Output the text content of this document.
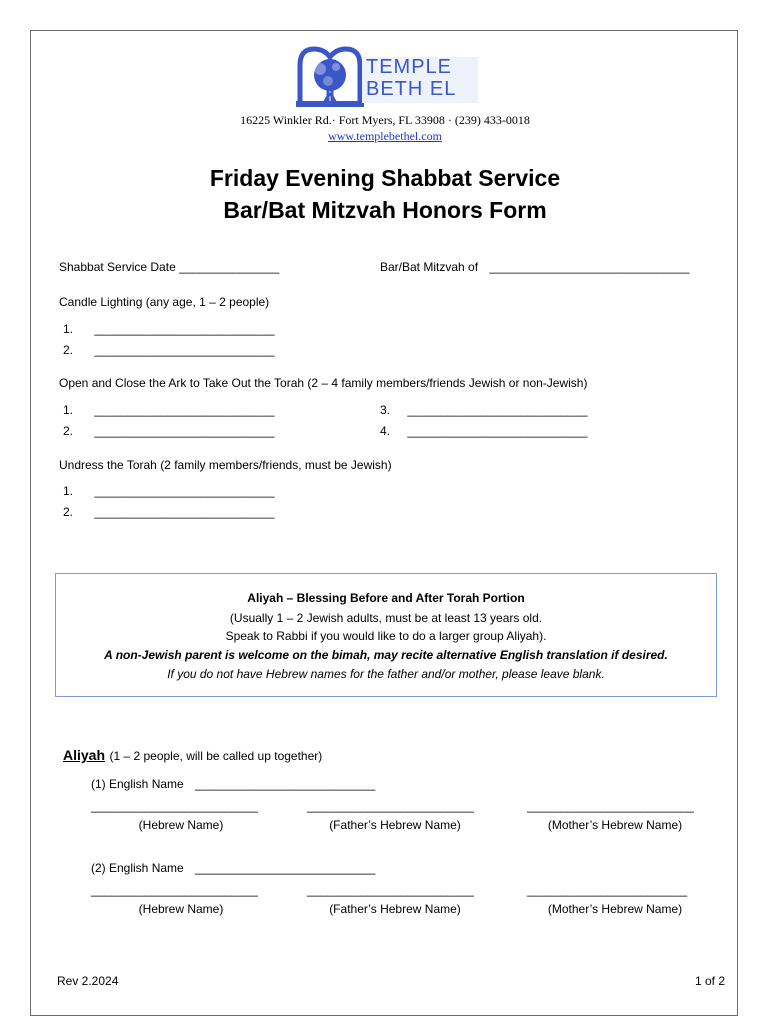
TEMPLE
BETH EL
16225 Winkler Rd.· Fort Myers, FL 33908 · (239) 433-0018
www.templebethel.com
Friday Evening Shabbat Service
Bar/Bat Mitzvah Honors Form
Shabbat Service Date _______________	Bar/Bat Mitzvah of ______________________________
Candle Lighting (any age, 1 – 2 people)
1. ___________________________
2. ___________________________
Open and Close the Ark to Take Out the Torah (2 – 4 family members/friends Jewish or non-Jewish)
1. ___________________________
2. ___________________________
3. ___________________________
4. ___________________________
Undress the Torah (2 family members/friends, must be Jewish)
1. ___________________________
2. ___________________________
Aliyah – Blessing Before and After Torah Portion
(Usually 1 – 2 Jewish adults, must be at least 13 years old.
Speak to Rabbi if you would like to do a larger group Aliyah).
A non-Jewish parent is welcome on the bimah, may recite alternative English translation if desired.
If you do not have Hebrew names for the father and/or mother, please leave blank.
Aliyah (1 – 2 people, will be called up together)
(1) English Name ___________________________
_________________________	_________________________	_________________________
(Hebrew Name)	(Father’s Hebrew Name)	(Mother’s Hebrew Name)
(2) English Name ___________________________
_________________________	_________________________	________________________
(Hebrew Name)	(Father’s Hebrew Name)	(Mother’s Hebrew Name)
Rev 2.2024	1 of 2
